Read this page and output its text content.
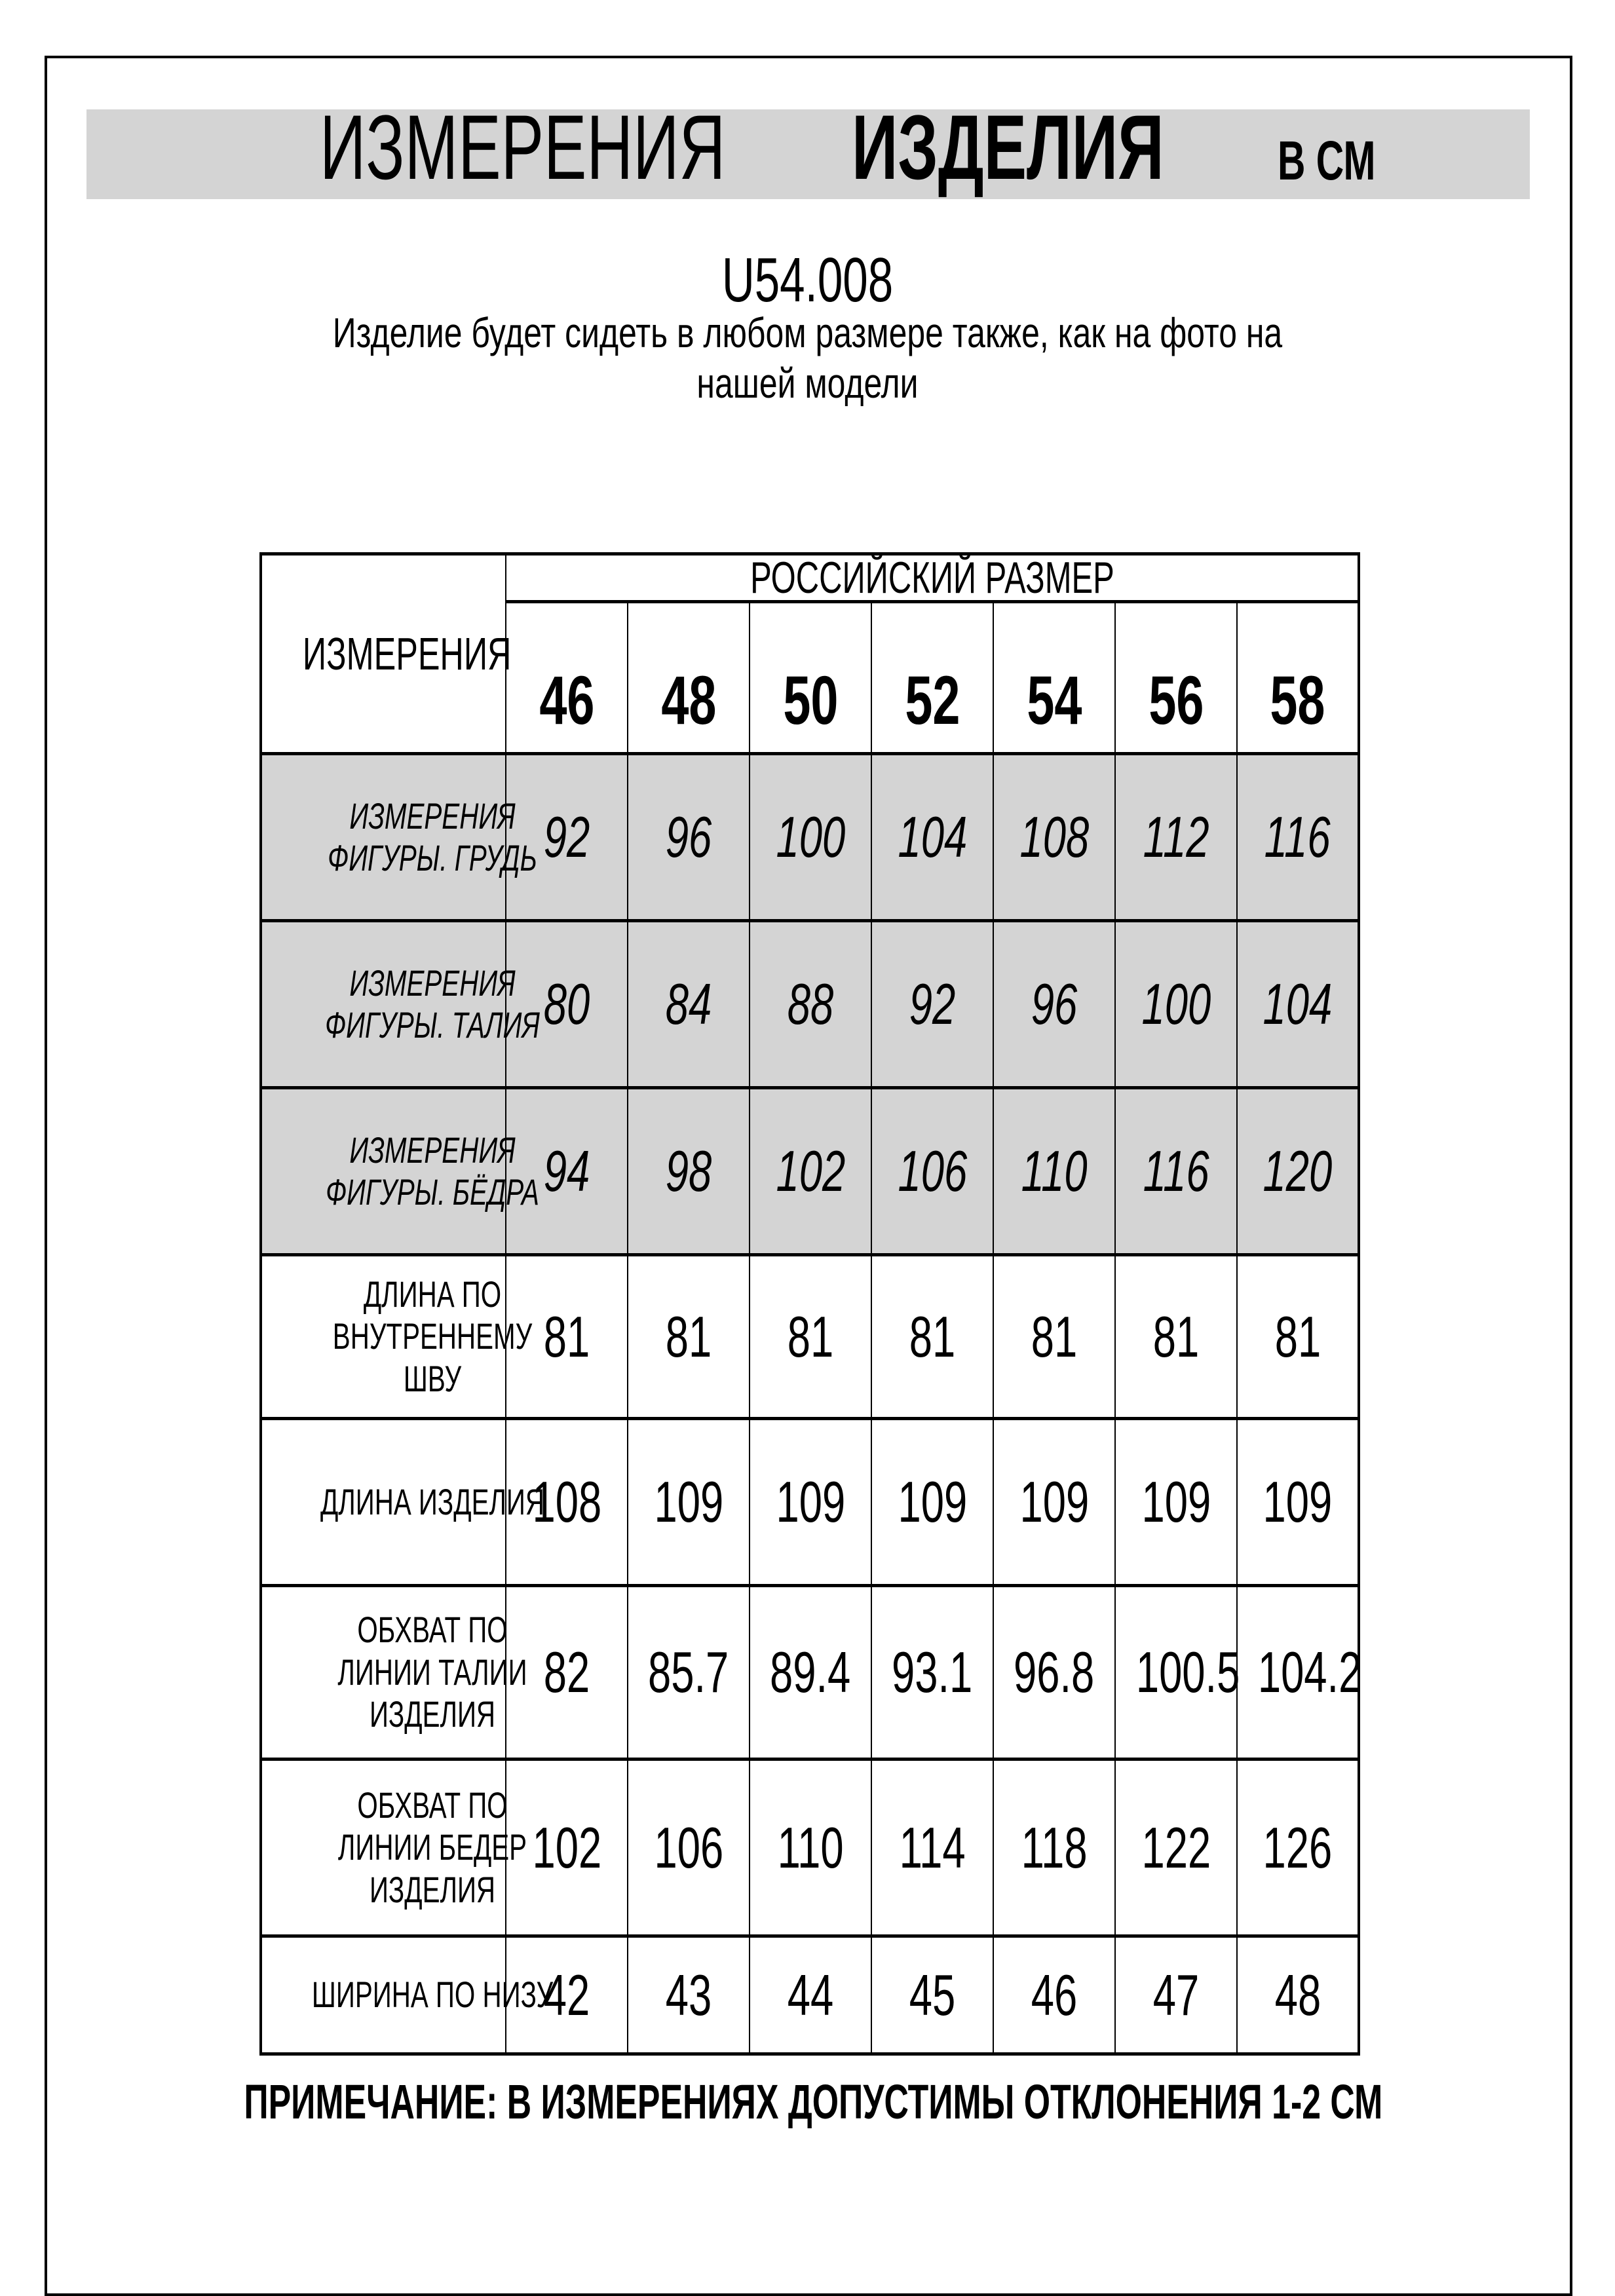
ИЗМЕРЕНИЯ ИЗДЕЛИЯ В СМ
U54.008

Изделие будет сидеть в любом размере также, как на фото на нашей модели

ИЗМЕРЕНИЯ	РОССИЙСКИЙ РАЗМЕР						
	46	48	50	52	54	56	58
ИЗМЕРЕНИЯ ФИГУРЫ. ГРУДЬ	92	96	100	104	108	112	116
ИЗМЕРЕНИЯ ФИГУРЫ. ТАЛИЯ	80	84	88	92	96	100	104
ИЗМЕРЕНИЯ ФИГУРЫ. БЁДРА	94	98	102	106	110	116	120
ДЛИНА ПО ВНУТРЕННЕМУ ШВУ	81	81	81	81	81	81	81
ДЛИНА ИЗДЕЛИЯ	108	109	109	109	109	109	109
ОБХВАТ ПО ЛИНИИ ТАЛИИ ИЗДЕЛИЯ	82	85.7	89.4	93.1	96.8	100.5	104.2
ОБХВАТ ПО ЛИНИИ БЕДЕР ИЗДЕЛИЯ	102	106	110	114	118	122	126
ШИРИНА ПО НИЗУ	42	43	44	45	46	47	48
ПРИМЕЧАНИЕ: В ИЗМЕРЕНИЯХ ДОПУСТИМЫ ОТКЛОНЕНИЯ 1-2 СМ
